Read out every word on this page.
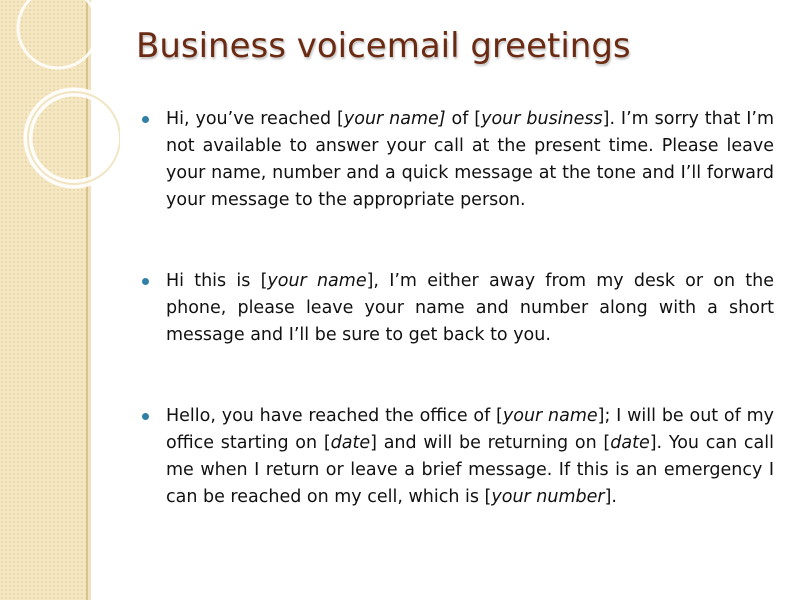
Business voicemail greetings
Hi, you’ve reached [your name] of [your business]. I’m sorry that I’m not available to answer your call at the present time. Please leave your name, number and a quick message at the tone and I’ll forward your message to the appropriate person.
Hi this is [your name], I’m either away from my desk or on the phone, please leave your name and number along with a short message and I’ll be sure to get back to you.
Hello, you have reached the office of [your name]; I will be out of my office starting on [date] and will be returning on [date]. You can call me when I return or leave a brief message. If this is an emergency I can be reached on my cell, which is [your number].
